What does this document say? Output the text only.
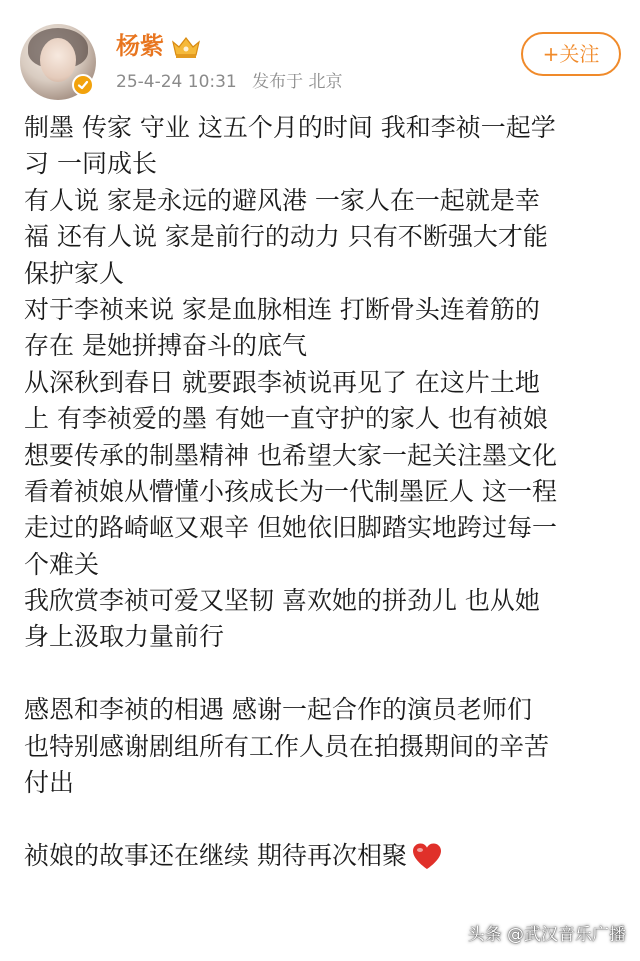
杨紫
25-4-24 10:31 发布于 北京
+关注
制墨 传家 守业 这五个月的时间 我和李祯一起学
习 一同成长
有人说 家是永远的避风港 一家人在一起就是幸
福 还有人说 家是前行的动力 只有不断强大才能
保护家人
对于李祯来说 家是血脉相连 打断骨头连着筋的
存在 是她拼搏奋斗的底气
从深秋到春日 就要跟李祯说再见了 在这片土地
上 有李祯爱的墨 有她一直守护的家人 也有祯娘
想要传承的制墨精神 也希望大家一起关注墨文化
看着祯娘从懵懂小孩成长为一代制墨匠人 这一程
走过的路崎岖又艰辛 但她依旧脚踏实地跨过每一
个难关
我欣赏李祯可爱又坚韧 喜欢她的拼劲儿 也从她
身上汲取力量前行
感恩和李祯的相遇 感谢一起合作的演员老师们
也特别感谢剧组所有工作人员在拍摄期间的辛苦
付出
祯娘的故事还在继续 期待再次相聚
头条 @武汉音乐广播
